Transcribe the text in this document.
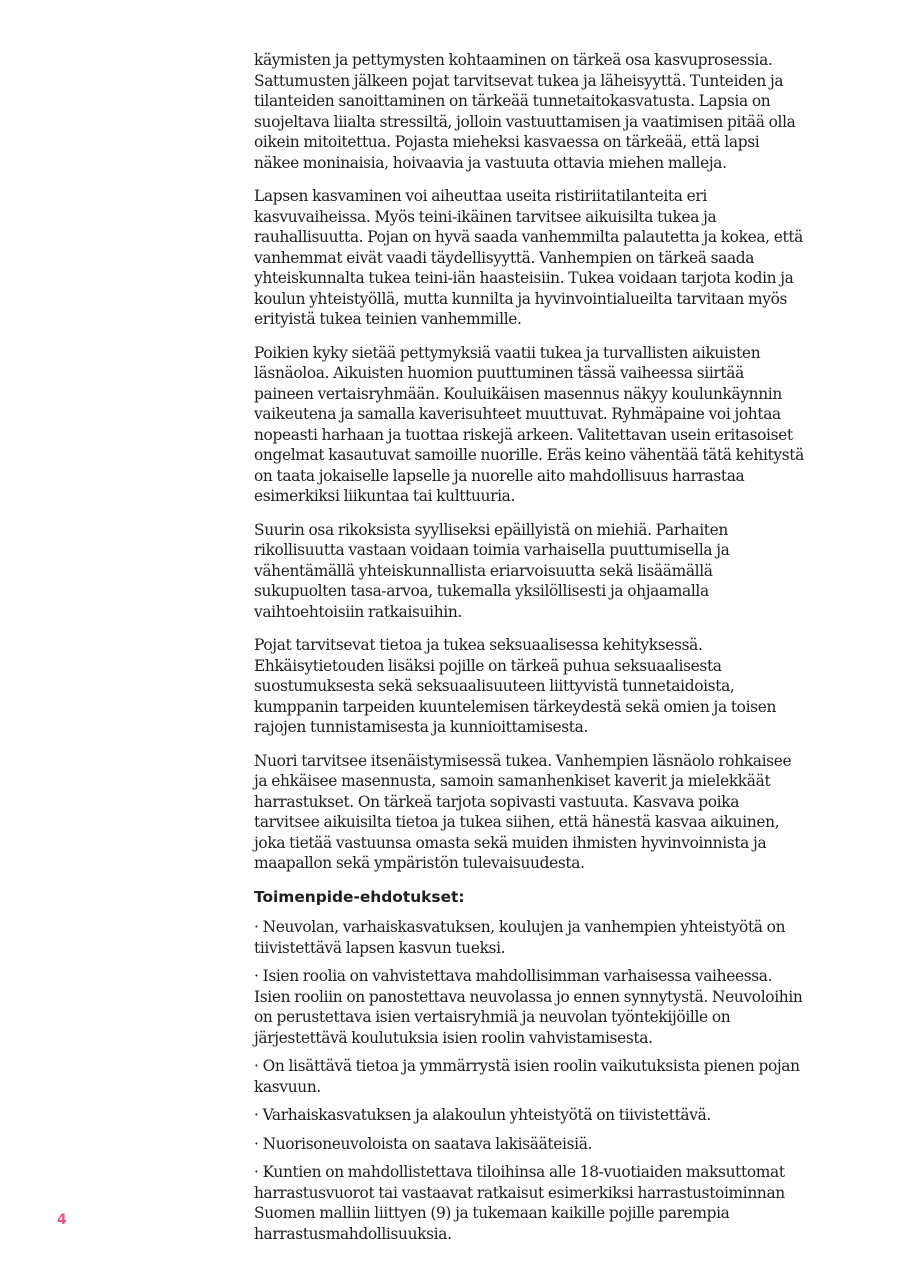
käymisten ja pettymysten kohtaaminen on tärkeä osa kasvuprosessia. Sattumusten jälkeen pojat tarvitsevat tukea ja läheisyyttä. Tunteiden ja tilanteiden sanoittaminen on tärkeää tunnetaitokasvatusta. Lapsia on suojeltava liialta stressiltä, jolloin vastuuttamisen ja vaatimisen pitää olla oikein mitoitettua. Pojasta mieheksi kasvaessa on tärkeää, että lapsi näkee moninaisia, hoivaavia ja vastuuta ottavia miehen malleja.

Lapsen kasvaminen voi aiheuttaa useita ristiriitatilanteita eri kasvuvaiheissa. Myös teini-ikäinen tarvitsee aikuisilta tukea ja rauhallisuutta. Pojan on hyvä saada vanhemmilta palautetta ja kokea, että vanhemmat eivät vaadi täydellisyyttä. Vanhempien on tärkeä saada yhteiskunnalta tukea teini-iän haasteisiin. Tukea voidaan tarjota kodin ja koulun yhteistyöllä, mutta kunnilta ja hyvinvointialueilta tarvitaan myös erityistä tukea teinien vanhemmille.

Poikien kyky sietää pettymyksiä vaatii tukea ja turvallisten aikuisten läsnäoloa. Aikuisten huomion puuttuminen tässä vaiheessa siirtää paineen vertaisryhmään. Kouluikäisen masennus näkyy koulunkäynnin vaikeutena ja samalla kaverisuhteet muuttuvat. Ryhmäpaine voi johtaa nopeasti harhaan ja tuottaa riskejä arkeen. Valitettavan usein eritasoiset ongelmat kasautuvat samoille nuorille. Eräs keino vähentää tätä kehitystä on taata jokaiselle lapselle ja nuorelle aito mahdollisuus harrastaa esimerkiksi liikuntaa tai kulttuuria.

Suurin osa rikoksista syylliseksi epäillyistä on miehiä. Parhaiten rikollisuutta vastaan voidaan toimia varhaisella puuttumisella ja vähentämällä yhteiskunnallista eriarvoisuutta sekä lisäämällä sukupuolten tasa-arvoa, tukemalla yksilöllisesti ja ohjaamalla vaihtoehtoisiin ratkaisuihin.

Pojat tarvitsevat tietoa ja tukea seksuaalisessa kehityksessä. Ehkäisytietouden lisäksi pojille on tärkeä puhua seksuaalisesta suostumuksesta sekä seksuaalisuuteen liittyvistä tunnetaidoista, kumppanin tarpeiden kuuntelemisen tärkeydestä sekä omien ja toisen rajojen tunnistamisesta ja kunnioittamisesta.

Nuori tarvitsee itsenäistymisessä tukea. Vanhempien läsnäolo rohkaisee ja ehkäisee masennusta, samoin samanhenkiset kaverit ja mielekkäät harrastukset. On tärkeä tarjota sopivasti vastuuta. Kasvava poika tarvitsee aikuisilta tietoa ja tukea siihen, että hänestä kasvaa aikuinen, joka tietää vastuunsa omasta sekä muiden ihmisten hyvinvoinnista ja maapallon sekä ympäristön tulevaisuudesta.

Toimenpide-ehdotukset:

· Neuvolan, varhaiskasvatuksen, koulujen ja vanhempien yhteistyötä on tiivistettävä lapsen kasvun tueksi.

· Isien roolia on vahvistettava mahdollisimman varhaisessa vaiheessa. Isien rooliin on panostettava neuvolassa jo ennen synnytystä. Neuvoloihin on perustettava isien vertaisryhmiä ja neuvolan työntekijöille on järjestettävä koulutuksia isien roolin vahvistamisesta.

· On lisättävä tietoa ja ymmärrystä isien roolin vaikutuksista pienen pojan kasvuun.

· Varhaiskasvatuksen ja alakoulun yhteistyötä on tiivistettävä.

· Nuorisoneuvoloista on saatava lakisääteisiä.

· Kuntien on mahdollistettava tiloihinsa alle 18-vuotiaiden maksuttomat harrastusvuorot tai vastaavat ratkaisut esimerkiksi harrastustoiminnan Suomen malliin liittyen (9) ja tukemaan kaikille pojille parempia harrastusmahdollisuuksia.

4
